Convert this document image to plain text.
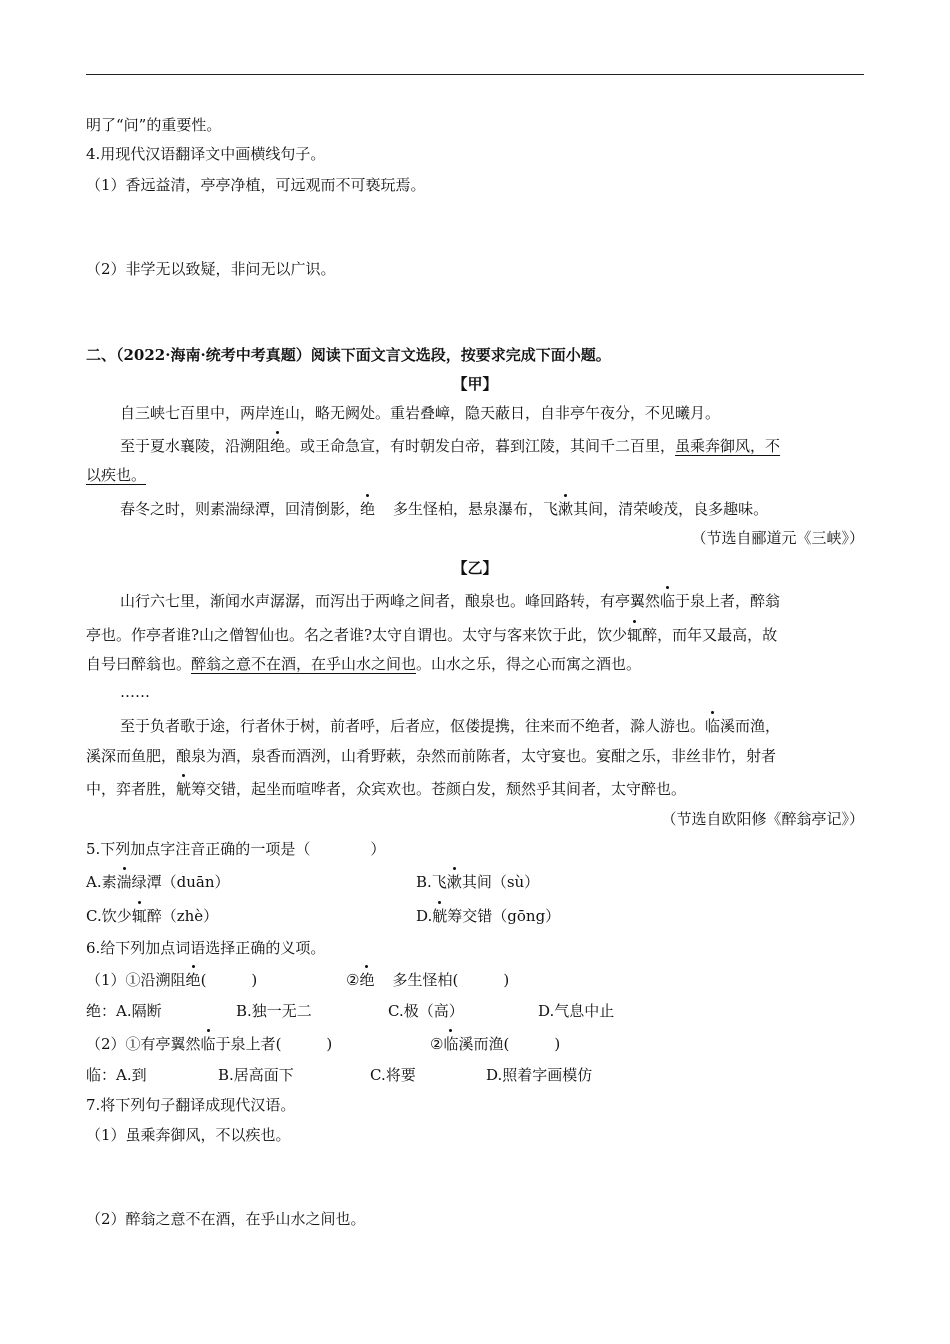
明了“问”的重要性。
4.用现代汉语翻译文中画横线句子。
（1）香远益清，亭亭净植，可远观而不可亵玩焉。
（2）非学无以致疑，非问无以广识。
二、（2022·海南·统考中考真题）阅读下面文言文选段，按要求完成下面小题。
【甲】
自三峡七百里中，两岸连山，略无阙处。重岩叠嶂，隐天蔽日，自非亭午夜分，不见曦月。
至于夏水襄陵，沿溯阻绝。或王命急宣，有时朝发白帝，暮到江陵，其间千二百里，虽乘奔御风，不
以疾也。
春冬之时，则素湍绿潭，回清倒影，绝 多生怪柏，悬泉瀑布，飞漱其间，清荣峻茂，良多趣味。
（节选自郦道元《三峡》）
【乙】
山行六七里，渐闻水声潺潺，而泻出于两峰之间者，酿泉也。峰回路转，有亭翼然临于泉上者，醉翁
亭也。作亭者谁?山之僧智仙也。名之者谁?太守自谓也。太守与客来饮于此，饮少辄醉，而年又最高，故
自号曰醉翁也。醉翁之意不在酒，在乎山水之间也。山水之乐，得之心而寓之酒也。
……
至于负者歌于途，行者休于树，前者呼，后者应，伛偻提携，往来而不绝者，滁人游也。临溪而渔，
溪深而鱼肥，酿泉为酒，泉香而酒洌，山肴野蔌，杂然而前陈者，太守宴也。宴酣之乐，非丝非竹，射者
中，弈者胜，觥筹交错，起坐而喧哗者，众宾欢也。苍颜白发，颓然乎其间者，太守醉也。
（节选自欧阳修《醉翁亭记》）
5.下列加点字注音正确的一项是（　　　　）
A.素湍绿潭（duān）	B.飞漱其间（sù）
C.饮少辄醉（zhè）	D.觥筹交错（gōng）
6.给下列加点词语选择正确的义项。
（1）①沿溯阻绝(　　　)	②绝 多生怪柏(　　　)
绝：A.隔断	B.独一无二	C.极（高）	D.气息中止
（2）①有亭翼然临于泉上者(　　　)	②临溪而渔(　　　)
临：A.到	B.居高面下	C.将要	D.照着字画模仿
7.将下列句子翻译成现代汉语。
（1）虽乘奔御风，不以疾也。
（2）醉翁之意不在酒，在乎山水之间也。
